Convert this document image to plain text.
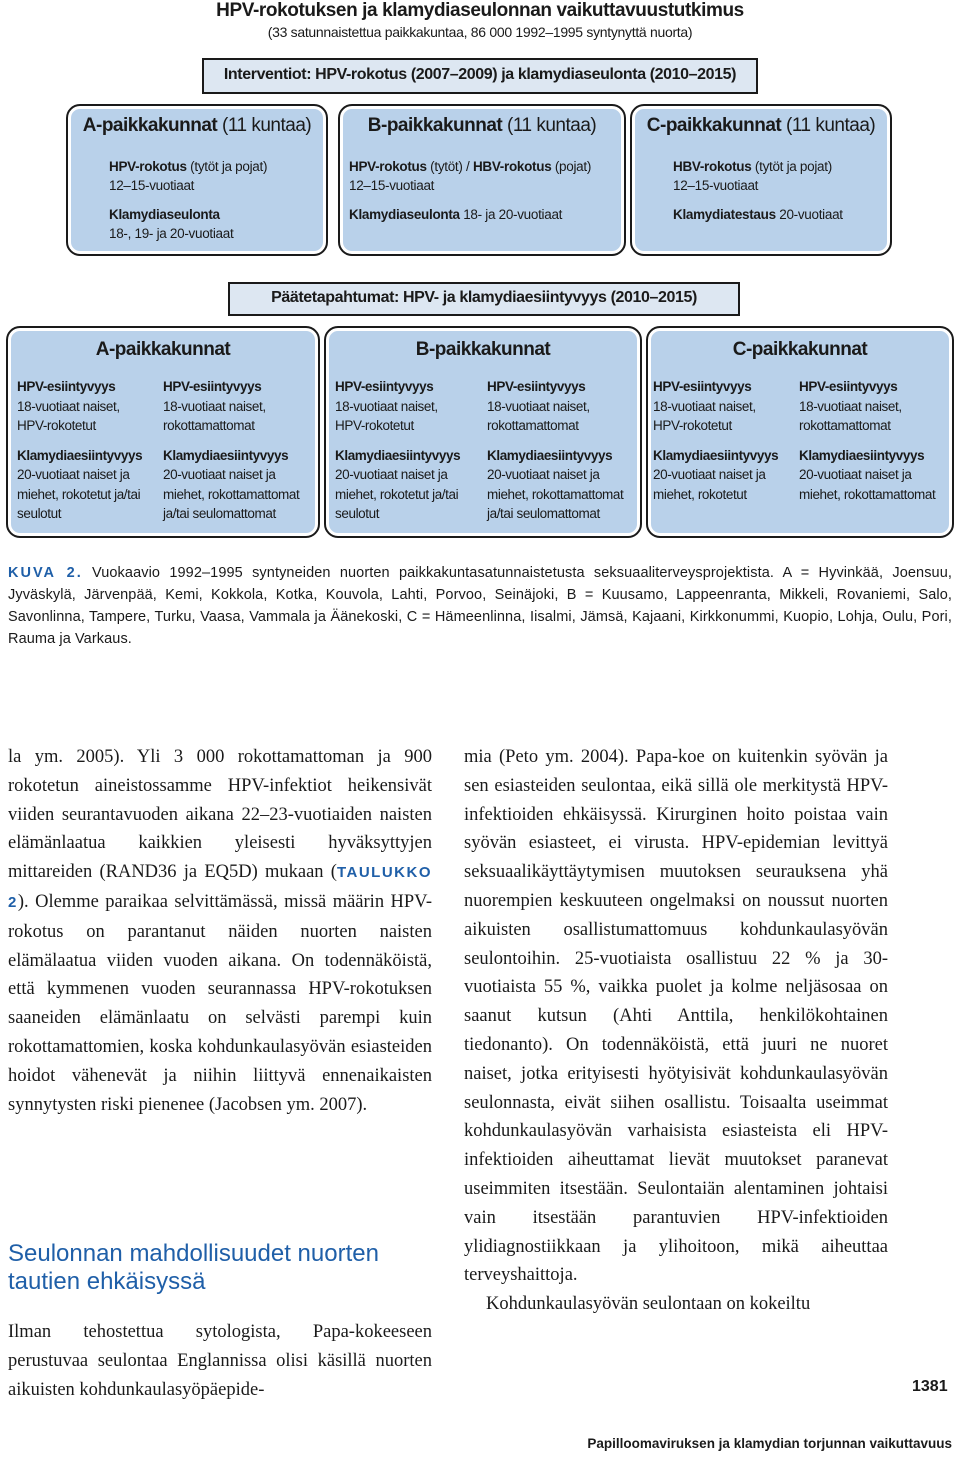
HPV-rokotuksen ja klamydiaseulonnan vaikuttavuustutkimus
(33 satunnaistettua paikkakuntaa, 86 000 1992–1995 syntynyttä nuorta)
Interventiot: HPV-rokotus (2007–2009) ja klamydiaseulonta (2010–2015)
A-paikkakunnat (11 kuntaa)

HPV-rokotus (tytöt ja pojat)
12–15-vuotiaat

Klamydiaseulonta
18-, 19- ja 20-vuotiaat

B-paikkakunnat (11 kuntaa)

HPV-rokotus (tytöt) / HBV-rokotus (pojat)
12–15-vuotiaat

Klamydiaseulonta 18- ja 20-vuotiaat

C-paikkakunnat (11 kuntaa)

HBV-rokotus (tytöt ja pojat)
12–15-vuotiaat

Klamydiatestaus 20-vuotiaat

Päätetapahtumat: HPV- ja klamydiaesiintyvyys (2010–2015)
A-paikkakunnat

HPV-esiintyvyys
18-vuotiaat naiset,
HPV-rokotetut

Klamydiaesiintyvyys
20-vuotiaat naiset ja
miehet, rokotetut ja/tai
seulotut

HPV-esiintyvyys
18-vuotiaat naiset,
rokottamattomat

Klamydiaesiintyvyys
20-vuotiaat naiset ja
miehet, rokottamattomat
ja/tai seulomattomat

B-paikkakunnat

HPV-esiintyvyys
18-vuotiaat naiset,
HPV-rokotetut

Klamydiaesiintyvyys
20-vuotiaat naiset ja
miehet, rokotetut ja/tai
seulotut

HPV-esiintyvyys
18-vuotiaat naiset,
rokottamattomat

Klamydiaesiintyvyys
20-vuotiaat naiset ja
miehet, rokottamattomat
ja/tai seulomattomat

C-paikkakunnat

HPV-esiintyvyys
18-vuotiaat naiset,
HPV-rokotetut

Klamydiaesiintyvyys
20-vuotiaat naiset ja
miehet, rokotetut

HPV-esiintyvyys
18-vuotiaat naiset,
rokottamattomat

Klamydiaesiintyvyys
20-vuotiaat naiset ja
miehet, rokottamattomat

KUVA 2. Vuokaavio 1992–1995 syntyneiden nuorten paikkakuntasatunnaistetusta seksuaaliterveysprojektista. A = Hyvinkää, Joensuu, Jyväskylä, Järvenpää, Kemi, Kokkola, Kotka, Kouvola, Lahti, Porvoo, Seinäjoki, B = Kuusamo, Lappeenranta, Mikkeli, Rovaniemi, Salo, Savonlinna, Tampere, Turku, Vaasa, Vammala ja Äänekoski, C = Hämeenlinna, Iisalmi, Jämsä, Kajaani, Kirkkonummi, Kuopio, Lohja, Oulu, Pori, Rauma ja Varkaus.

la ym. 2005). Yli 3 000 rokottamattoman ja 900 rokotetun aineistossamme HPV-infektiot heikensivät viiden seurantavuoden aikana 22–23-vuotiaiden naisten elämänlaatua kaikkien yleisesti hyväksyttyjen mittareiden (RAND36 ja EQ5D) mukaan (TAULUKKO 2). Olemme paraikaa selvittämässä, missä määrin HPV-rokotus on parantanut näiden nuorten naisten elämälaatua viiden vuoden aikana. On todennäköistä, että kymmenen vuoden seurannassa HPV-rokotuksen saaneiden elämänlaatu on selvästi parempi kuin rokottamattomien, koska kohdunkaulasyövän esiasteiden hoidot vähenevät ja niihin liittyvä ennenaikaisten synnytysten riski pienenee (Jacobsen ym. 2007).

Seulonnan mahdollisuudet nuorten tautien ehkäisyssä

Ilman tehostettua sytologista, Papa-kokeeseen perustuvaa seulontaa Englannissa olisi käsillä nuorten aikuisten kohdunkaulasyöpäepide-

mia (Peto ym. 2004). Papa-koe on kuitenkin syövän ja sen esiasteiden seulontaa, eikä sillä ole merkitystä HPV-infektioiden ehkäisyssä. Kirurginen hoito poistaa vain syövän esiasteet, ei virusta. HPV-epidemian levittyä seksuaalikäyttäytymisen muutoksen seurauksena yhä nuorempien keskuuteen ongelmaksi on noussut nuorten aikuisten osallistumattomuus kohdunkaulasyövän seulontoihin. 25-vuotiaista osallistuu 22 % ja 30-vuotiaista 55 %, vaikka puolet ja kolme neljäsosaa on saanut kutsun (Ahti Anttila, henkilökohtainen tiedonanto). On todennäköistä, että juuri ne nuoret naiset, jotka erityisesti hyötyisivät kohdunkaulasyövän seulonnasta, eivät siihen osallistu. Toisaalta useimmat kohdunkaulasyövän varhaisista esiasteista eli HPV-infektioiden aiheuttamat lievät muutokset paranevat useimmiten itsestään. Seulontaiän alentaminen johtaisi vain itsestään parantuvien HPV-infektioiden ylidiagnostiikkaan ja ylihoitoon, mikä aiheuttaa terveyshaittoja.

Kohdunkaulasyövän seulontaan on kokeiltu

1381
Papilloomaviruksen ja klamydian torjunnan vaikuttavuus
